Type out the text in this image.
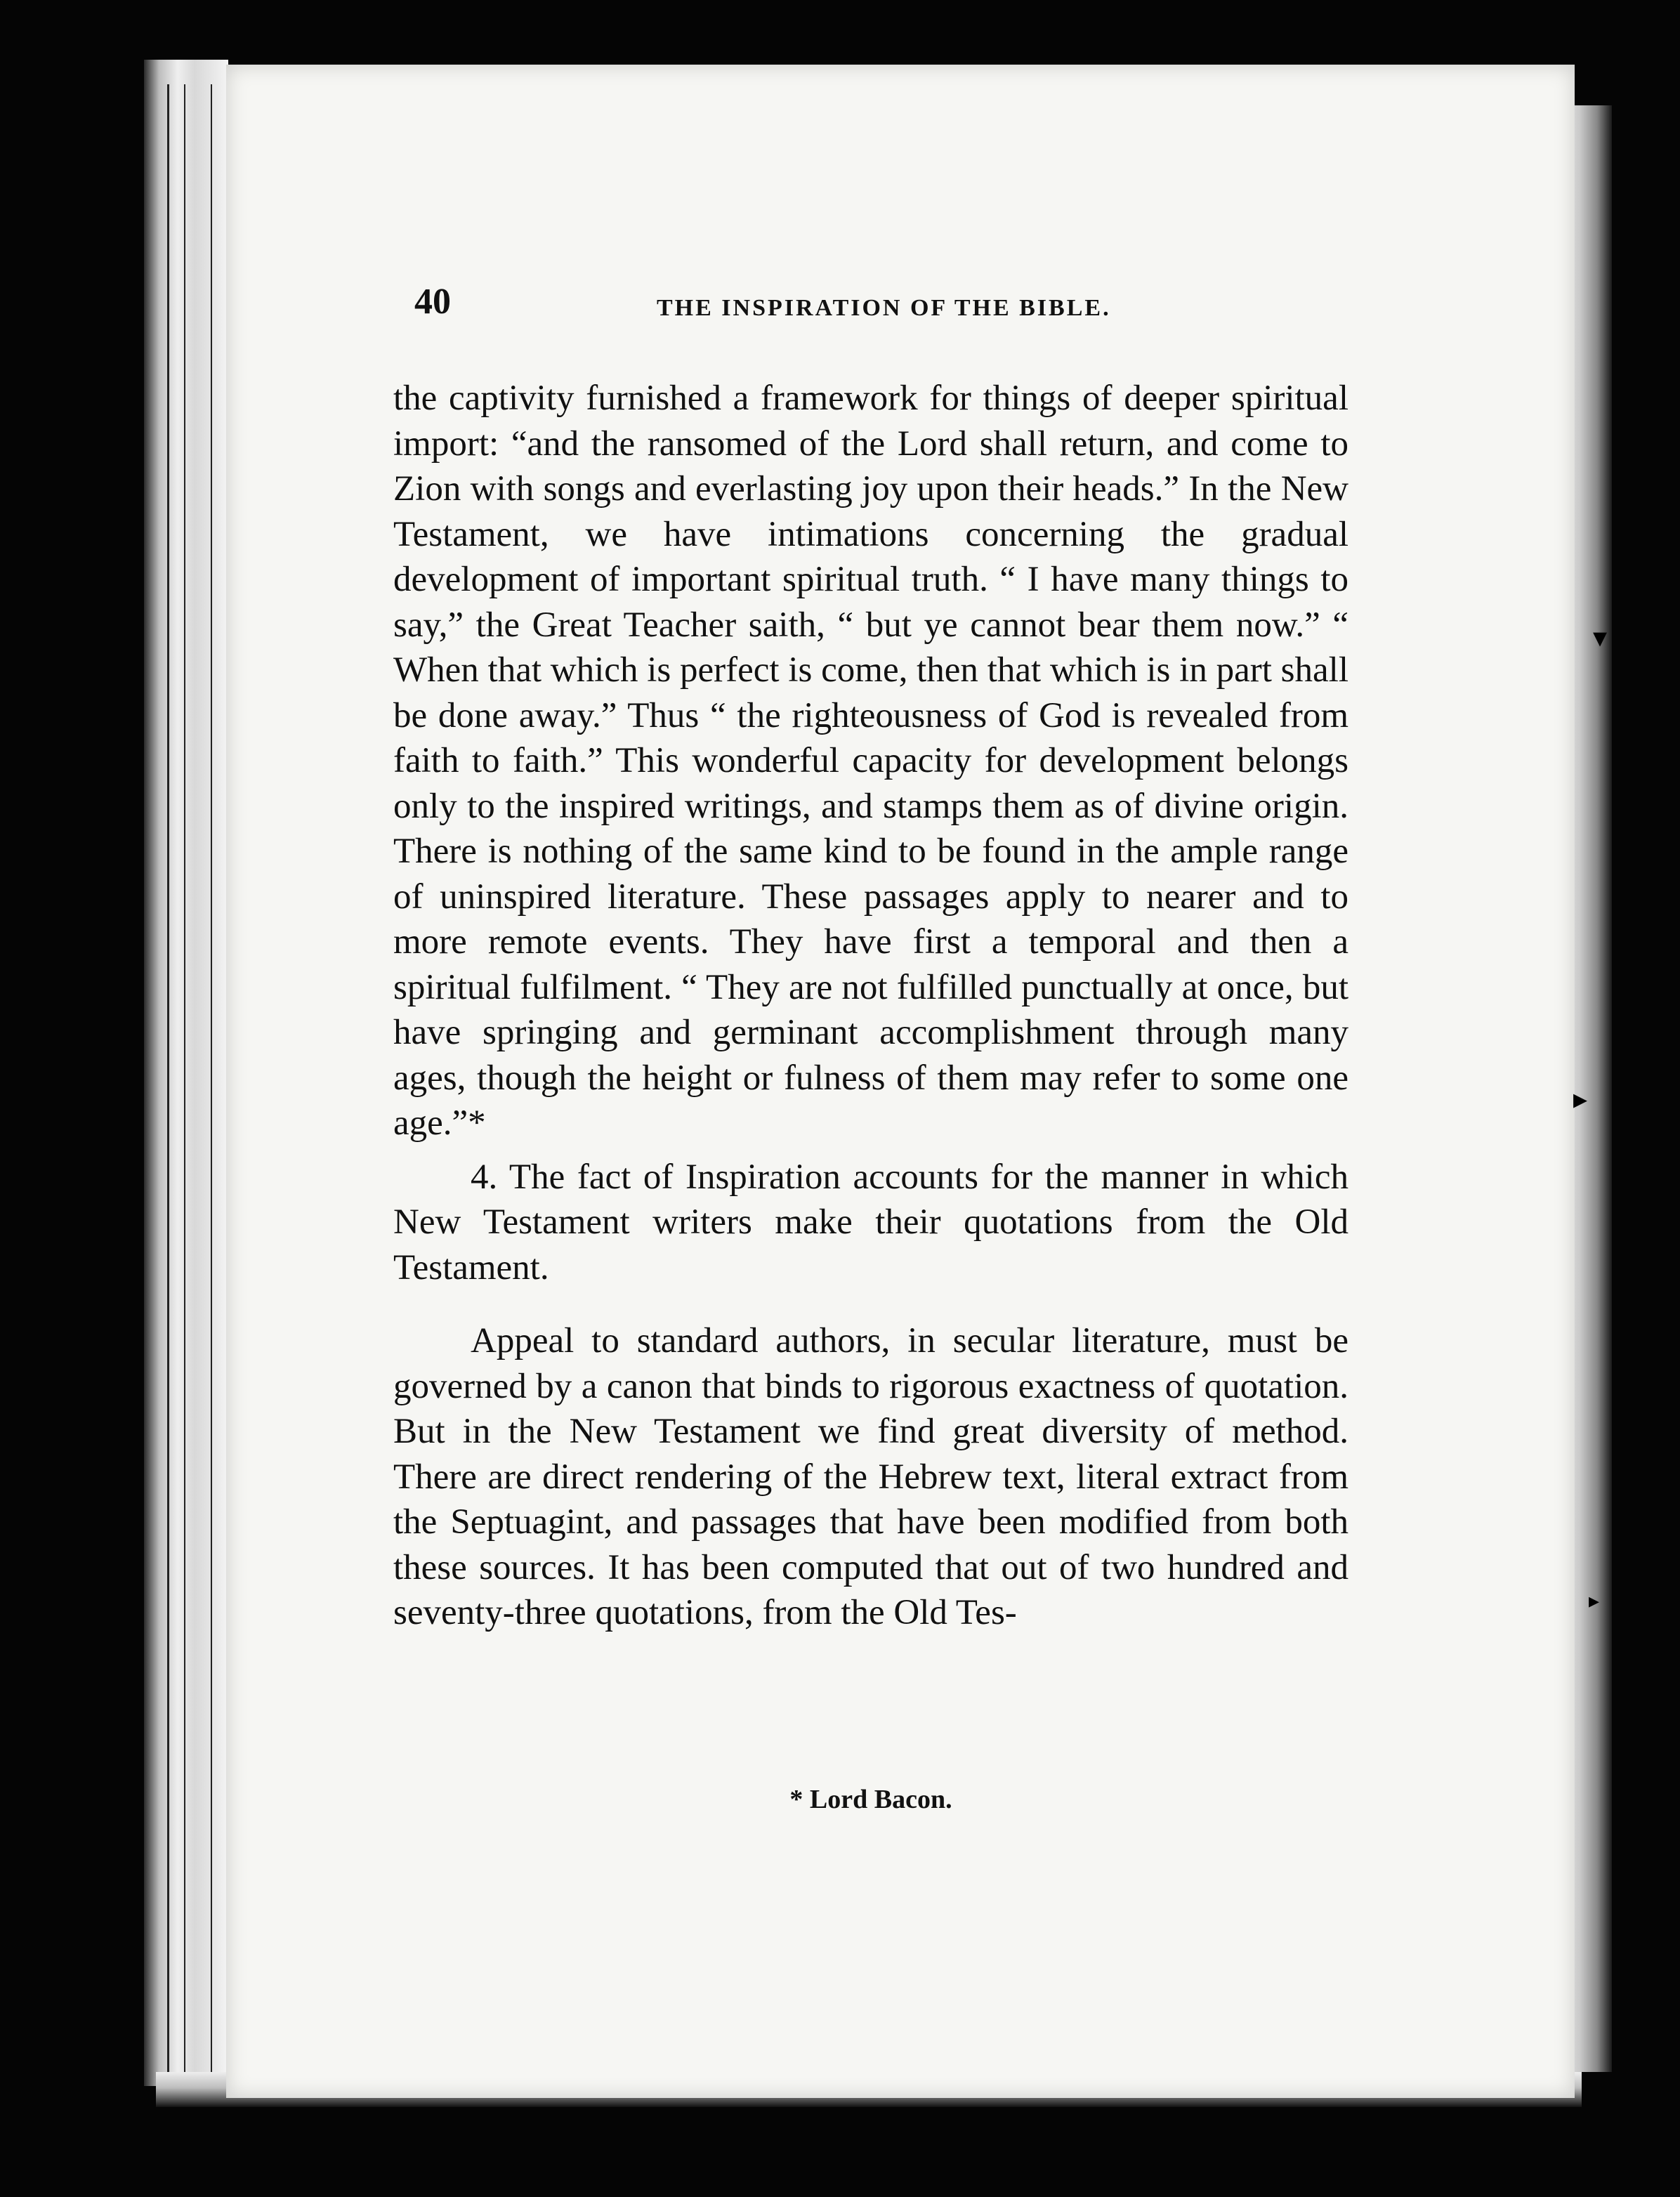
40	THE INSPIRATION OF THE BIBLE.

the captivity furnished a framework for things of deeper spiritual import: “and the ransomed of the Lord shall return, and come to Zion with songs and everlasting joy upon their heads.” In the New Testament, we have intimations concerning the gradual development of important spiritual truth. “ I have many things to say,” the Great Teacher saith, “ but ye cannot bear them now.” “ When that which is perfect is come, then that which is in part shall be done away.” Thus “ the righteousness of God is revealed from faith to faith.” This wonderful capacity for development belongs only to the inspired writings, and stamps them as of divine origin. There is nothing of the same kind to be found in the ample range of uninspired literature. These passages apply to nearer and to more remote events. They have first a temporal and then a spiritual fulfilment. “ They are not fulfilled punctually at once, but have springing and germinant accomplishment through many ages, though the height or fulness of them may refer to some one age.”*

4. The fact of Inspiration accounts for the manner in which New Testament writers make their quotations from the Old Testament.

Appeal to standard authors, in secular literature, must be governed by a canon that binds to rigorous exactness of quotation. But in the New Testament we find great diversity of method. There are direct rendering of the Hebrew text, literal extract from the Septuagint, and passages that have been modified from both these sources. It has been computed that out of two hundred and seventy-three quotations, from the Old Tes-

* Lord Bacon.
▾
▸
▸
